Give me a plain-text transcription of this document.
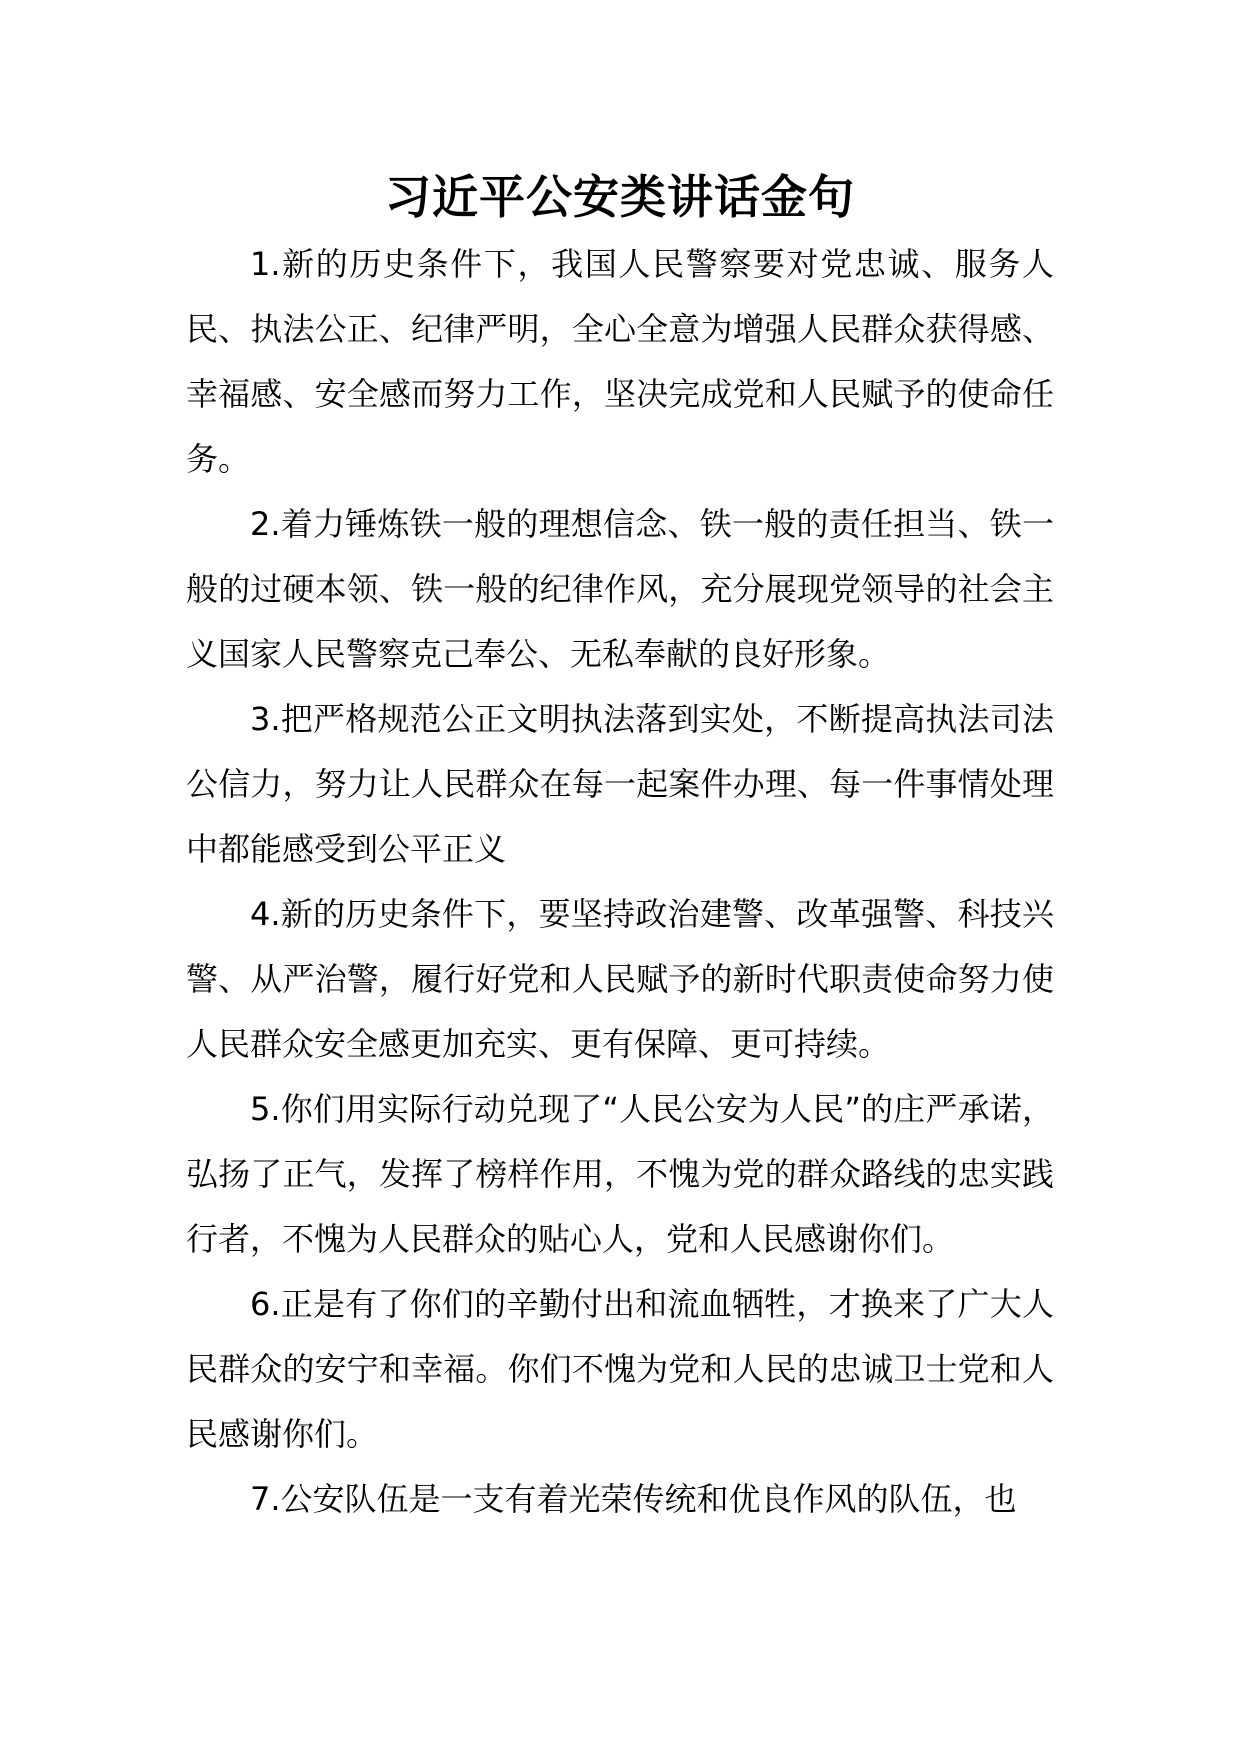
习近平公安类讲话金句

1.新的历史条件下，我国人民警察要对党忠诚、服务人民、执法公正、纪律严明，全心全意为增强人民群众获得感、幸福感、安全感而努力工作，坚决完成党和人民赋予的使命任务。

2.着力锤炼铁一般的理想信念、铁一般的责任担当、铁一般的过硬本领、铁一般的纪律作风，充分展现党领导的社会主义国家人民警察克己奉公、无私奉献的良好形象。

3.把严格规范公正文明执法落到实处，不断提高执法司法公信力，努力让人民群众在每一起案件办理、每一件事情处理中都能感受到公平正义

4.新的历史条件下，要坚持政治建警、改革强警、科技兴警、从严治警，履行好党和人民赋予的新时代职责使命努力使人民群众安全感更加充实、更有保障、更可持续。

5.你们用实际行动兑现了“人民公安为人民”的庄严承诺，弘扬了正气，发挥了榜样作用，不愧为党的群众路线的忠实践行者，不愧为人民群众的贴心人，党和人民感谢你们。

6.正是有了你们的辛勤付出和流血牺牲，才换来了广大人民群众的安宁和幸福。你们不愧为党和人民的忠诚卫士党和人民感谢你们。

7.公安队伍是一支有着光荣传统和优良作风的队伍，也
